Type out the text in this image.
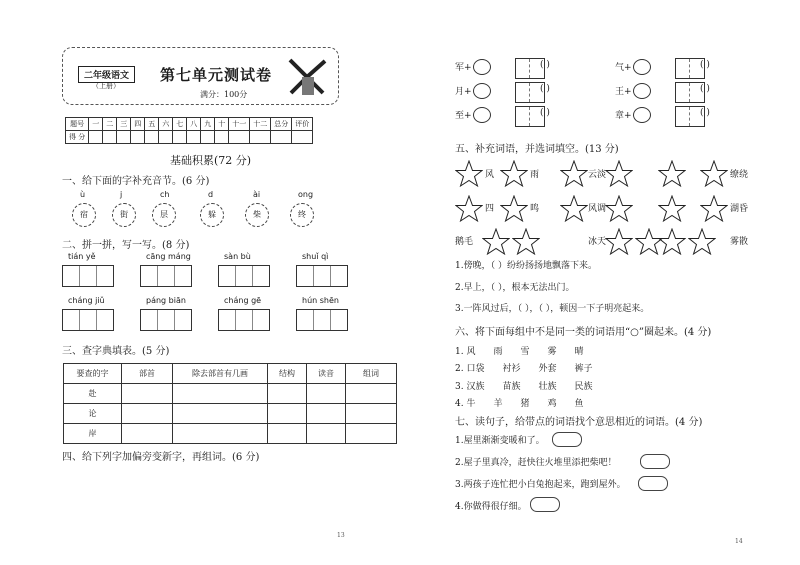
二年级语文
（上册）
第七单元测试卷
满分：100分
题号	一	二	三	四	五	六	七	八	九	十	十一	十二	总分	评价
得 分														
基础积累(72 分)
一、给下面的字补充音节。(6 分)
ù
宿
j
街
ch
层
d
躲
ài
柴
ong
终
二、拼一拼，写一写。(8 分)
tián yě	cāng máng	sàn bù	shuǐ qì
cháng jiǔ	páng biān	cháng gē	hún shēn
三、查字典填表。(5 分)
要查的字	部首	除去部首有几画	结构	读音	组词
赴					
论					
岸					
四、给下列字加偏旁变新字，再组词。(6 分)
13
军+	( )
月+	( )
至+	( )
气+	( )
王+	( )
章+	( )
五、补充词语，并选词填空。(13 分)
风	雨	云淡	缭绕
四	鸣	风调	湖昏
鹅毛	冰天	雾散
1.傍晚，（ ）纷纷扬扬地飘落下来。
2.早上，（ ），根本无法出门。
3.一阵风过后，（ ），（ ），顿因一下子明亮起来。
六、将下面每组中不是同一类的词语用“○”圈起来。(4 分)
1. 风　　雨　　雪　　雾　　晴
2. 口袋　　衬衫　　外套　　裤子
3. 汉族　　苗族　　壮族　　民族
4. 牛　　羊　　猪　　鸡　　鱼
七、读句子，给带点的词语找个意思相近的词语。(4 分)
1.屋里渐渐变暖和了。
2.屋子里真冷，赶快往火堆里添把柴吧！
3.两孩子连忙把小白兔抱起来，跑到屋外。
4.你做得很仔细。
14
